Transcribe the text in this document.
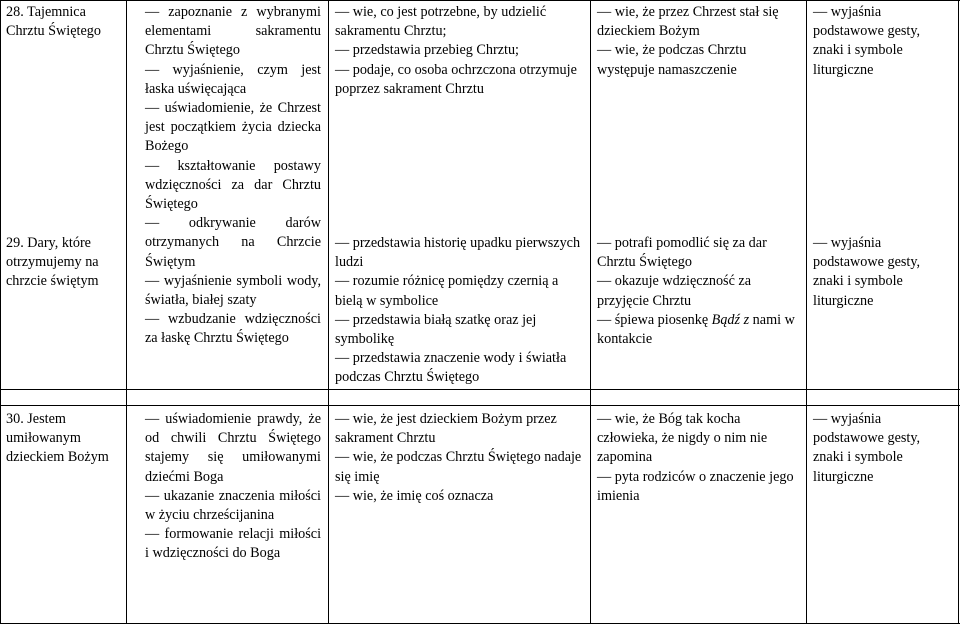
28. Tajemnica Chrztu Świętego

29. Dary, które otrzymujemy na chrzcie świętym

— zapoznanie z wybranymi elementami sakramentu Chrztu Świętego

— wyjaśnienie, czym jest łaska uświęcająca

— uświadomienie, że Chrzest jest początkiem życia dziecka Bożego

— kształtowanie postawy wdzięczności za dar Chrztu Świętego

— odkrywanie darów otrzymanych na Chrzcie Świętym

— wyjaśnienie symboli wody, światła, białej szaty

— wzbudzanie wdzięczności za łaskę Chrztu Świętego

— wie, co jest potrzebne, by udzielić sakramentu Chrztu;

— przedstawia przebieg Chrztu;

— podaje, co osoba ochrzczona otrzymuje poprzez sakrament Chrztu

— przedstawia historię upadku pierwszych ludzi

— rozumie różnicę pomiędzy czernią a bielą w symbolice

— przedstawia białą szatkę oraz jej symbolikę

— przedstawia znaczenie wody i światła podczas Chrztu Świętego

— wie, że przez Chrzest stał się dzieckiem Bożym

— wie, że podczas Chrztu występuje namaszczenie

— potrafi pomodlić się za dar Chrztu Świętego

— okazuje wdzięczność za przyjęcie Chrztu

— śpiewa piosenkę Bądź z nami w kontakcie

— wyjaśnia podstawowe gesty, znaki i symbole liturgiczne

— wyjaśnia podstawowe gesty, znaki i symbole liturgiczne

30. Jestem umiłowanym dzieckiem Bożym

— uświadomienie prawdy, że od chwili Chrztu Świętego stajemy się umiłowanymi dziećmi Boga

— ukazanie znaczenia miłości w życiu chrześcijanina

— formowanie relacji miłości i wdzięczności do Boga

— wie, że jest dzieckiem Bożym przez sakrament Chrztu

— wie, że podczas Chrztu Świętego nadaje się imię

— wie, że imię coś oznacza

— wie, że Bóg tak kocha człowieka, że nigdy o nim nie zapomina

— pyta rodziców o znaczenie jego imienia

— wyjaśnia podstawowe gesty, znaki i symbole liturgiczne
